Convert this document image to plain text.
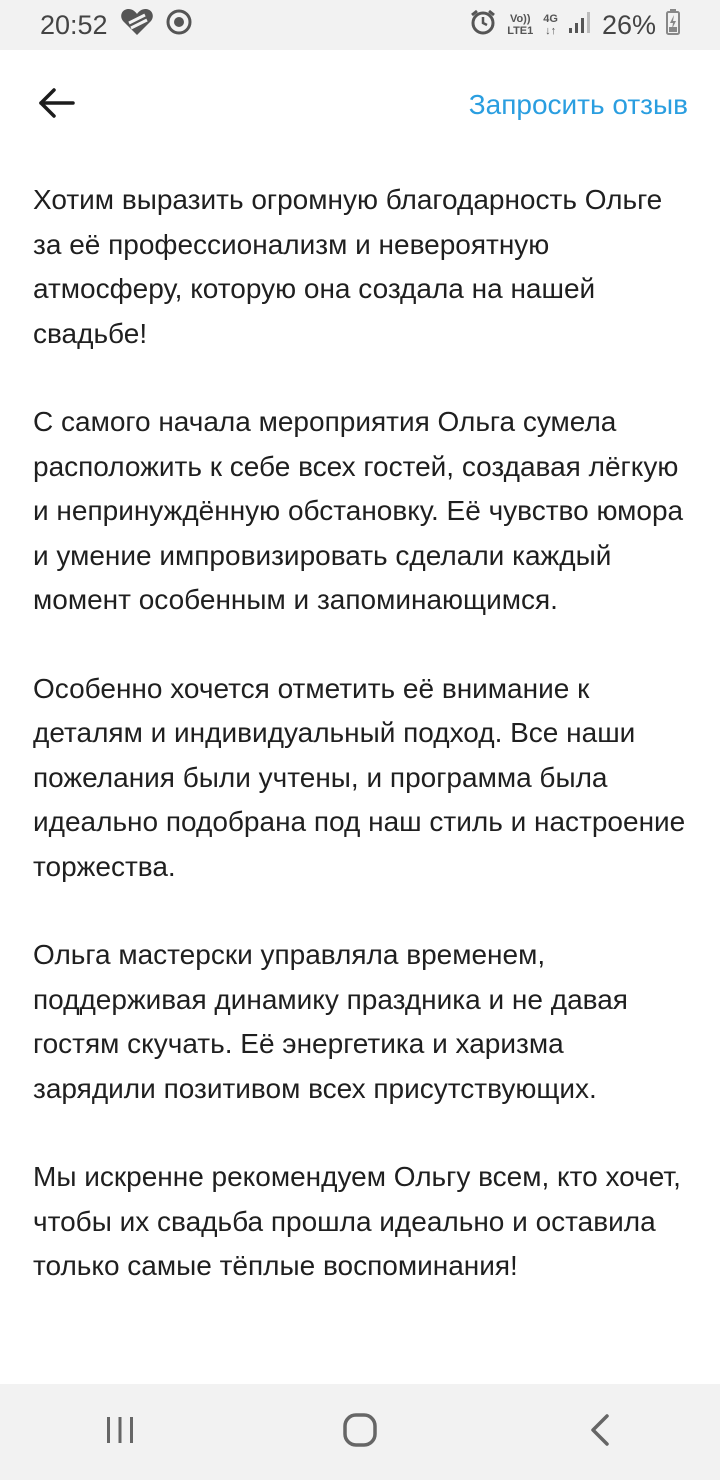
20:52	Vo))
LTE1
4G
↓↑ 26%
Запросить отзыв

Хотим выразить огромную благодарность Ольге за её профессионализм и невероятную атмосферу, которую она создала на нашей свадьбе!

С самого начала мероприятия Ольга сумела расположить к себе всех гостей, создавая лёгкую и непринуждённую обстановку. Её чувство юмора и умение импровизировать сделали каждый момент особенным и запоминающимся.

Особенно хочется отметить её внимание к деталям и индивидуальный подход. Все наши пожелания были учтены, и программа была идеально подобрана под наш стиль и настроение торжества.

Ольга мастерски управляла временем, поддерживая динамику праздника и не давая гостям скучать. Её энергетика и харизма зарядили позитивом всех присутствующих.

Мы искренне рекомендуем Ольгу всем, кто хочет, чтобы их свадьба прошла идеально и оставила только самые тёплые воспоминания!
